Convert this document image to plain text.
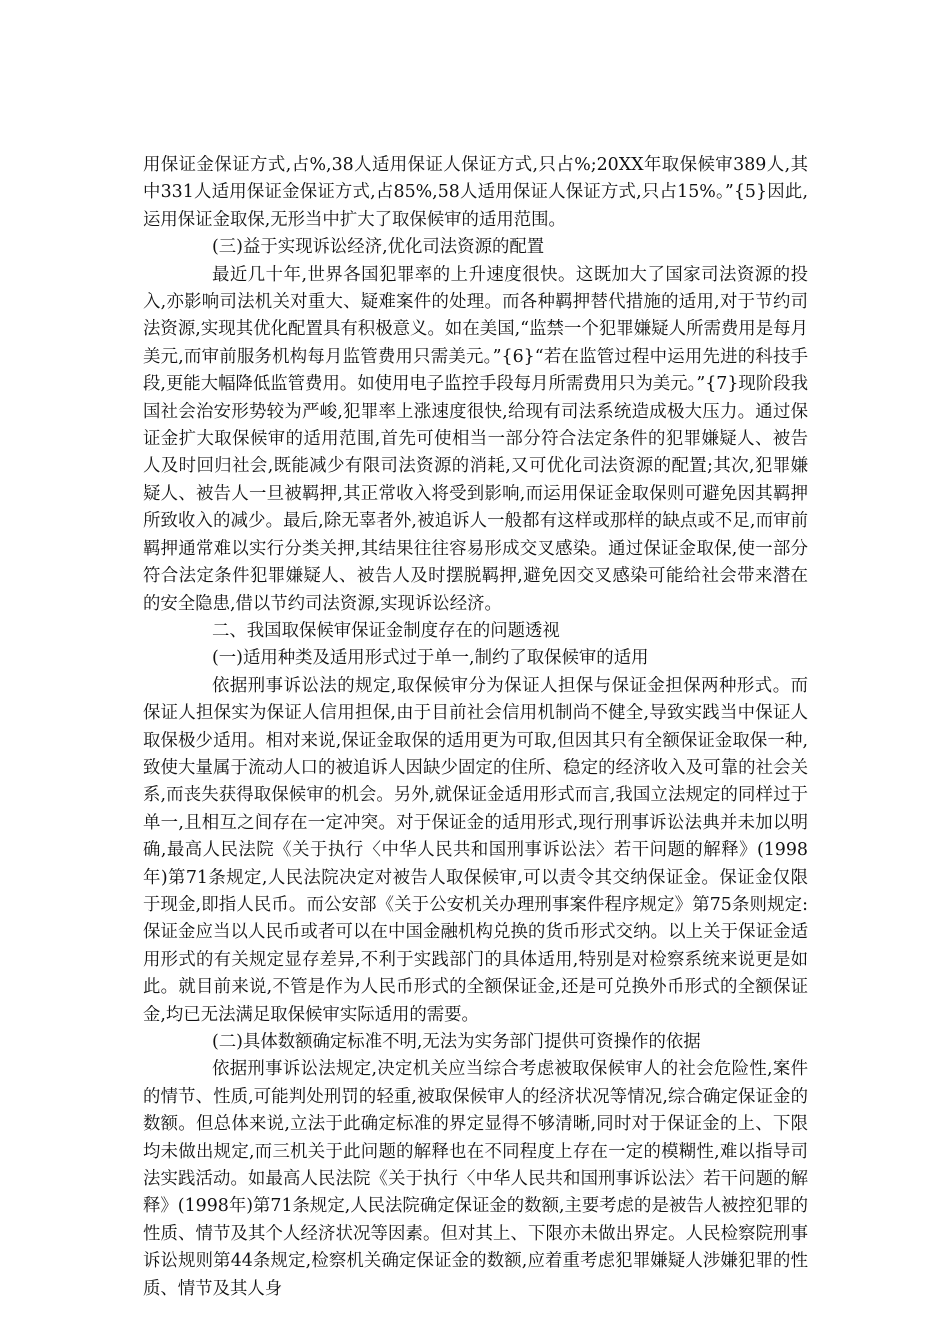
用保证金保证方式,占%,38人适用保证人保证方式,只占%;20XX年取保候审389人,其中331人适用保证金保证方式,占85%,58人适用保证人保证方式,只占15%。”{5}因此,运用保证金取保,无形当中扩大了取保候审的适用范围。

(三)益于实现诉讼经济,优化司法资源的配置

最近几十年,世界各国犯罪率的上升速度很快。这既加大了国家司法资源的投入,亦影响司法机关对重大、疑难案件的处理。而各种羁押替代措施的适用,对于节约司法资源,实现其优化配置具有积极意义。如在美国,“监禁一个犯罪嫌疑人所需费用是每月美元,而审前服务机构每月监管费用只需美元。”{6}“若在监管过程中运用先进的科技手段,更能大幅降低监管费用。如使用电子监控手段每月所需费用只为美元。”{7}现阶段我国社会治安形势较为严峻,犯罪率上涨速度很快,给现有司法系统造成极大压力。通过保证金扩大取保候审的适用范围,首先可使相当一部分符合法定条件的犯罪嫌疑人、被告人及时回归社会,既能减少有限司法资源的消耗,又可优化司法资源的配置;其次,犯罪嫌疑人、被告人一旦被羁押,其正常收入将受到影响,而运用保证金取保则可避免因其羁押所致收入的减少。最后,除无辜者外,被追诉人一般都有这样或那样的缺点或不足,而审前羁押通常难以实行分类关押,其结果往往容易形成交叉感染。通过保证金取保,使一部分符合法定条件犯罪嫌疑人、被告人及时摆脱羁押,避免因交叉感染可能给社会带来潜在的安全隐患,借以节约司法资源,实现诉讼经济。

二、我国取保候审保证金制度存在的问题透视

(一)适用种类及适用形式过于单一,制约了取保候审的适用

依据刑事诉讼法的规定,取保候审分为保证人担保与保证金担保两种形式。而保证人担保实为保证人信用担保,由于目前社会信用机制尚不健全,导致实践当中保证人取保极少适用。相对来说,保证金取保的适用更为可取,但因其只有全额保证金取保一种,致使大量属于流动人口的被追诉人因缺少固定的住所、稳定的经济收入及可靠的社会关系,而丧失获得取保候审的机会。另外,就保证金适用形式而言,我国立法规定的同样过于单一,且相互之间存在一定冲突。对于保证金的适用形式,现行刑事诉讼法典并未加以明确,最高人民法院《关于执行〈中华人民共和国刑事诉讼法〉若干问题的解释》(1998年)第71条规定,人民法院决定对被告人取保候审,可以责令其交纳保证金。保证金仅限于现金,即指人民币。而公安部《关于公安机关办理刑事案件程序规定》第75条则规定:保证金应当以人民币或者可以在中国金融机构兑换的货币形式交纳。以上关于保证金适用形式的有关规定显存差异,不利于实践部门的具体适用,特别是对检察系统来说更是如此。就目前来说,不管是作为人民币形式的全额保证金,还是可兑换外币形式的全额保证金,均已无法满足取保候审实际适用的需要。

(二)具体数额确定标准不明,无法为实务部门提供可资操作的依据

依据刑事诉讼法规定,决定机关应当综合考虑被取保候审人的社会危险性,案件的情节、性质,可能判处刑罚的轻重,被取保候审人的经济状况等情况,综合确定保证金的数额。但总体来说,立法于此确定标准的界定显得不够清晰,同时对于保证金的上、下限均未做出规定,而三机关于此问题的解释也在不同程度上存在一定的模糊性,难以指导司法实践活动。如最高人民法院《关于执行〈中华人民共和国刑事诉讼法〉若干问题的解释》(1998年)第71条规定,人民法院确定保证金的数额,主要考虑的是被告人被控犯罪的性质、情节及其个人经济状况等因素。但对其上、下限亦未做出界定。人民检察院刑事诉讼规则第44条规定,检察机关确定保证金的数额,应着重考虑犯罪嫌疑人涉嫌犯罪的性质、情节及其人身
